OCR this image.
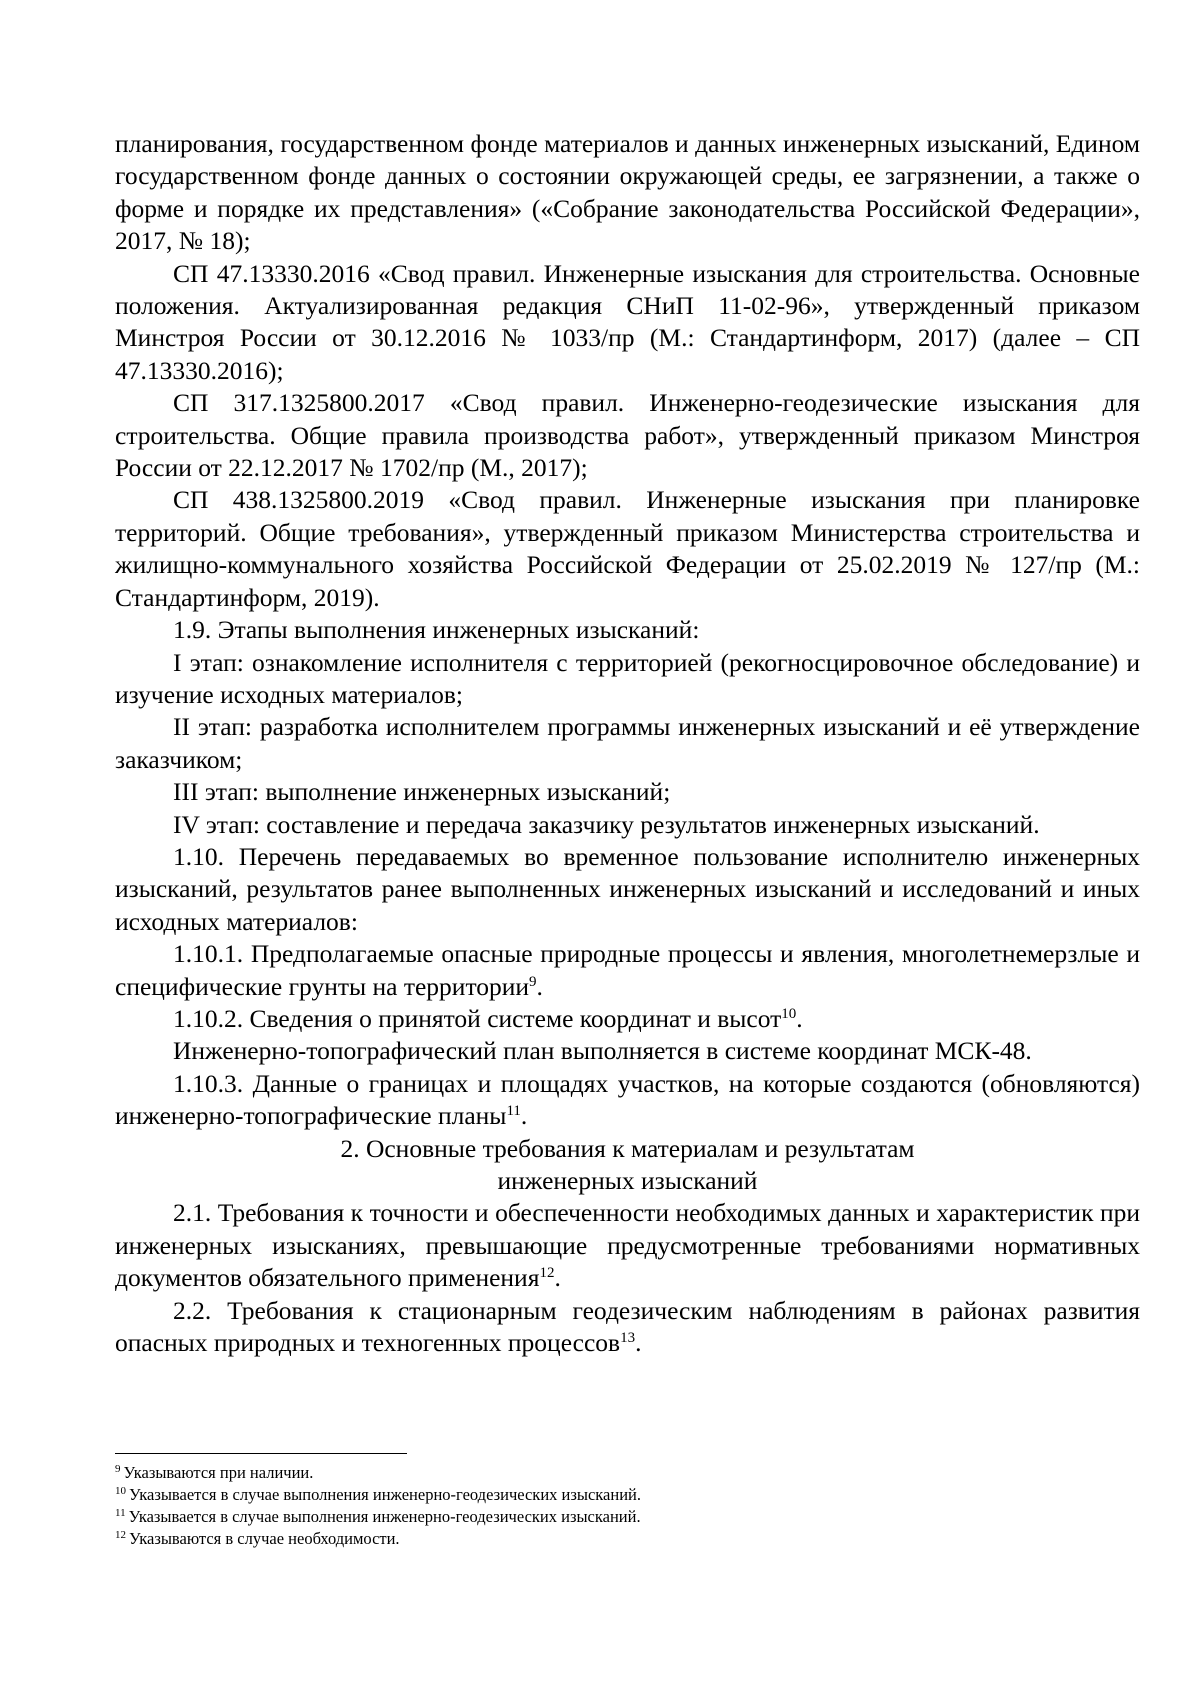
планирования, государственном фонде материалов и данных инженерных изысканий, Едином государственном фонде данных о состоянии окружающей среды, ее загрязнении, а также о форме и порядке их представления» («Собрание законодательства Российской Федерации», 2017, № 18);

СП 47.13330.2016 «Свод правил. Инженерные изыскания для строительства. Основные положения. Актуализированная редакция СНиП 11-02-96», утвержденный приказом Минстроя России от 30.12.2016 № 1033/пр (М.: Стандартинформ, 2017) (далее – СП 47.13330.2016);

СП 317.1325800.2017 «Свод правил. Инженерно-геодезические изыскания для строительства. Общие правила производства работ», утвержденный приказом Минстроя России от 22.12.2017 № 1702/пр (М., 2017);

СП 438.1325800.2019 «Свод правил. Инженерные изыскания при планировке территорий. Общие требования», утвержденный приказом Министерства строительства и жилищно-коммунального хозяйства Российской Федерации от 25.02.2019 № 127/пр (М.: Стандартинформ, 2019).

1.9. Этапы выполнения инженерных изысканий:

I этап: ознакомление исполнителя с территорией (рекогносцировочное обследование) и изучение исходных материалов;

II этап: разработка исполнителем программы инженерных изысканий и её утверждение заказчиком;

III этап: выполнение инженерных изысканий;

IV этап: составление и передача заказчику результатов инженерных изысканий.

1.10. Перечень передаваемых во временное пользование исполнителю инженерных изысканий, результатов ранее выполненных инженерных изысканий и исследований и иных исходных материалов:

1.10.1. Предполагаемые опасные природные процессы и явления, многолетнемерзлые и специфические грунты на территории$^9$.

1.10.2. Сведения о принятой системе координат и высот$^{10}$.

Инженерно-топографический план выполняется в системе координат МСК-48.

1.10.3. Данные о границах и площадях участков, на которые создаются (обновляются) инженерно-топографические планы$^{11}$.

2. Основные требования к материалам и результатам

инженерных изысканий

2.1. Требования к точности и обеспеченности необходимых данных и характеристик при инженерных изысканиях, превышающие предусмотренные требованиями нормативных документов обязательного применения$^{12}$.

2.2. Требования к стационарным геодезическим наблюдениям в районах развития опасных природных и техногенных процессов$^{13}$.

$^9$ Указываются при наличии.

$^{10}$ Указывается в случае выполнения инженерно-геодезических изысканий.

$^{11}$ Указывается в случае выполнения инженерно-геодезических изысканий.

$^{12}$ Указываются в случае необходимости.
